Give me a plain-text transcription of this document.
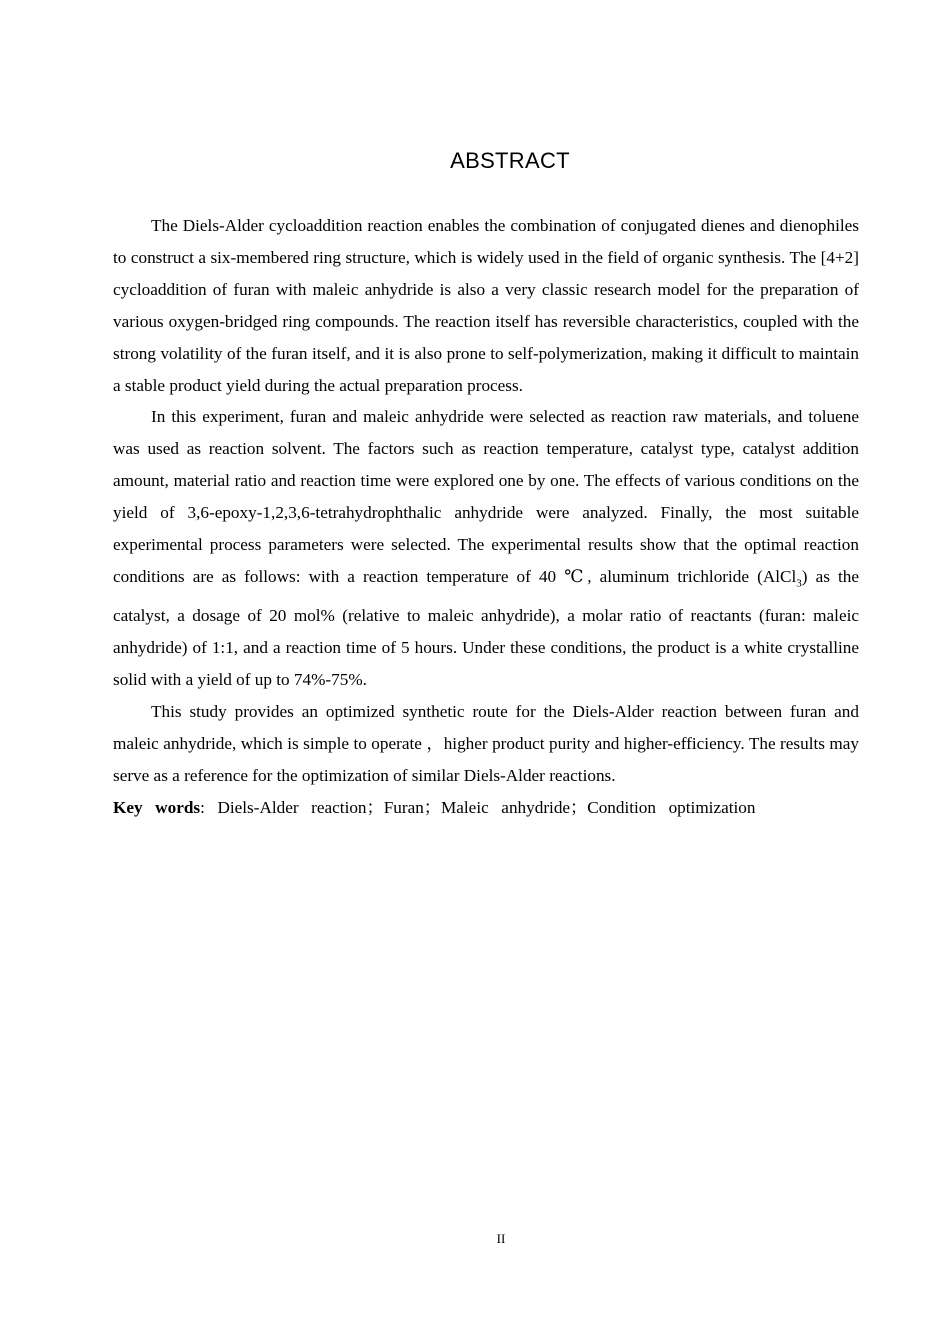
ABSTRACT

The Diels-Alder cycloaddition reaction enables the combination of conjugated dienes and dienophiles to construct a six-membered ring structure, which is widely used in the field of organic synthesis. The [4+2] cycloaddition of furan with maleic anhydride is also a very classic research model for the preparation of various oxygen-bridged ring compounds. The reaction itself has reversible characteristics, coupled with the strong volatility of the furan itself, and it is also prone to self-polymerization, making it difficult to maintain a stable product yield during the actual preparation process.

In this experiment, furan and maleic anhydride were selected as reaction raw materials, and toluene was used as reaction solvent. The factors such as reaction temperature, catalyst type, catalyst addition amount, material ratio and reaction time were explored one by one. The effects of various conditions on the yield of 3,6-epoxy-1,2,3,6-tetrahydrophthalic anhydride were analyzed. Finally, the most suitable experimental process parameters were selected. The experimental results show that the optimal reaction conditions are as follows: with a reaction temperature of 40 ℃, aluminum trichloride (AlCl$_3$) as the catalyst, a dosage of 20 mol% (relative to maleic anhydride), a molar ratio of reactants (furan: maleic anhydride) of 1:1, and a reaction time of 5 hours. Under these conditions, the product is a white crystalline solid with a yield of up to 74%-75%.

This study provides an optimized synthetic route for the Diels-Alder reaction between furan and maleic anhydride, which is simple to operate ，higher product purity and higher-efficiency. The results may serve as a reference for the optimization of similar Diels-Alder reactions.

Key  words:  Diels-Alder  reaction；Furan；Maleic  anhydride；Condition  optimization

II
